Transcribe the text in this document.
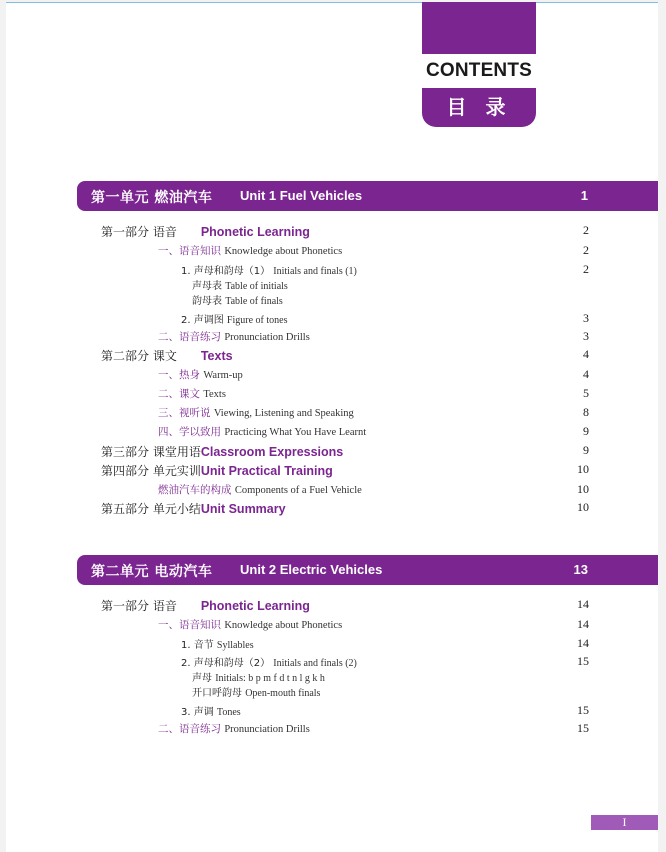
CONTENTS
目 录
第一单元 燃油汽车 Unit 1 Fuel Vehicles	1
第一部分 语音 Phonetic Learning	2
一、语音知识 Knowledge about Phonetics	2
1. 声母和韵母（1） Initials and finals (1)	2
声母表 Table of initials
韵母表 Table of finals
2. 声调图 Figure of tones	3
二、语音练习 Pronunciation Drills	3
第二部分 课文 Texts	4
一、热身 Warm-up	4
二、课文 Texts	5
三、视听说 Viewing, Listening and Speaking	8
四、学以致用 Practicing What You Have Learnt	9
第三部分 课堂用语 Classroom Expressions	9
第四部分 单元实训 Unit Practical Training	10
燃油汽车的构成 Components of a Fuel Vehicle	10
第五部分 单元小结 Unit Summary	10
第二单元 电动汽车 Unit 2 Electric Vehicles	13
第一部分 语音 Phonetic Learning	14
一、语音知识 Knowledge about Phonetics	14
1. 音节 Syllables	14
2. 声母和韵母（2） Initials and finals (2)	15
声母 Initials: b p m f d t n l g k h
开口呼韵母 Open-mouth finals
3. 声调 Tones	15
二、语音练习 Pronunciation Drills	15
I
